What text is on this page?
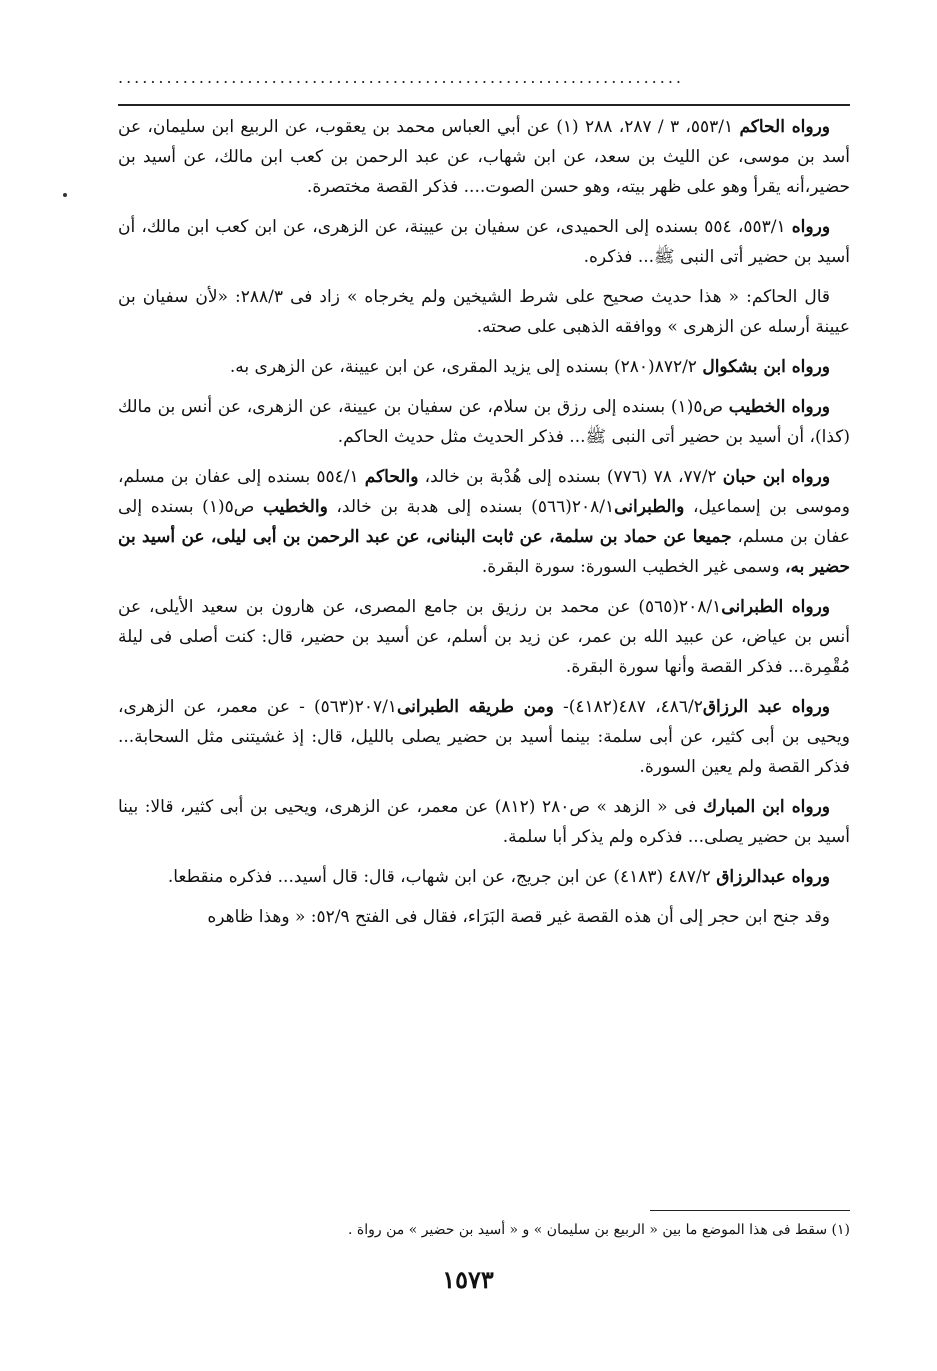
......................................................................

ورواه الحاكم ٥٥٣/١، ٣ / ٢٨٧، ٢٨٨ (١) عن أبي العباس محمد بن يعقوب، عن الربيع ابن سليمان، عن أسد بن موسى، عن الليث بن سعد، عن ابن شهاب، عن عبد الرحمن بن كعب ابن مالك، عن أسيد بن حضير،أنه يقرأ وهو على ظهر بيته، وهو حسن الصوت.... فذكر القصة مختصرة.

ورواه ٥٥٣/١، ٥٥٤ بسنده إلى الحميدى، عن سفيان بن عيينة، عن الزهرى، عن ابن كعب ابن مالك، أن أسيد بن حضير أتى النبى ﷺ... فذكره.

قال الحاكم: « هذا حديث صحيح على شرط الشيخين ولم يخرجاه » زاد فى ٢٨٨/٣: «لأن سفيان بن عيينة أرسله عن الزهرى » ووافقه الذهبى على صحته.

ورواه ابن بشكوال ٨٧٢/٢(٢٨٠) بسنده إلى يزيد المقرى، عن ابن عيينة، عن الزهرى به.

ورواه الخطيب ص٥(١) بسنده إلى رزق بن سلام، عن سفيان بن عيينة، عن الزهرى، عن أنس بن مالك (كذا)، أن أسيد بن حضير أتى النبى ﷺ... فذكر الحديث مثل حديث الحاكم.

ورواه ابن حبان ٧٧/٢، ٧٨ (٧٧٦) بسنده إلى هُدْبة بن خالد، والحاكم ٥٥٤/١ بسنده إلى عفان بن مسلم، وموسى بن إسماعيل، والطبرانى٢٠٨/١(٥٦٦) بسنده إلى هدبة بن خالد، والخطيب ص٥(١) بسنده إلى عفان بن مسلم، جميعا عن حماد بن سلمة، عن ثابت البنانى، عن عبد الرحمن بن أبى ليلى، عن أسيد بن حضير به، وسمى غير الخطيب السورة: سورة البقرة.

ورواه الطبرانى٢٠٨/١(٥٦٥) عن محمد بن رزيق بن جامع المصرى، عن هارون بن سعيد الأيلى، عن أنس بن عياض، عن عبيد الله بن عمر، عن زيد بن أسلم، عن أسيد بن حضير، قال: كنت أصلى فى ليلة مُقْمِرة... فذكر القصة وأنها سورة البقرة.

ورواه عبد الرزاق٤٨٦/٢، ٤٨٧(٤١٨٢)- ومن طريقه الطبرانى٢٠٧/١(٥٦٣) - عن معمر، عن الزهرى، ويحيى بن أبى كثير، عن أبى سلمة: بينما أسيد بن حضير يصلى بالليل، قال: إذ غشيتنى مثل السحابة... فذكر القصة ولم يعين السورة.

ورواه ابن المبارك فى « الزهد » ص٢٨٠ (٨١٢) عن معمر، عن الزهرى، ويحيى بن أبى كثير، قالا: بينا أسيد بن حضير يصلى... فذكره ولم يذكر أبا سلمة.

ورواه عبدالرزاق ٤٨٧/٢ (٤١٨٣) عن ابن جريج، عن ابن شهاب، قال: قال أسيد... فذكره منقطعا.

وقد جنح ابن حجر إلى أن هذه القصة غير قصة البَرَاء، فقال فى الفتح ٥٢/٩: « وهذا ظاهره

(١) سقط فى هذا الموضع ما بين « الربيع بن سليمان » و « أسيد بن حضير » من رواة .
١٥٧٣
